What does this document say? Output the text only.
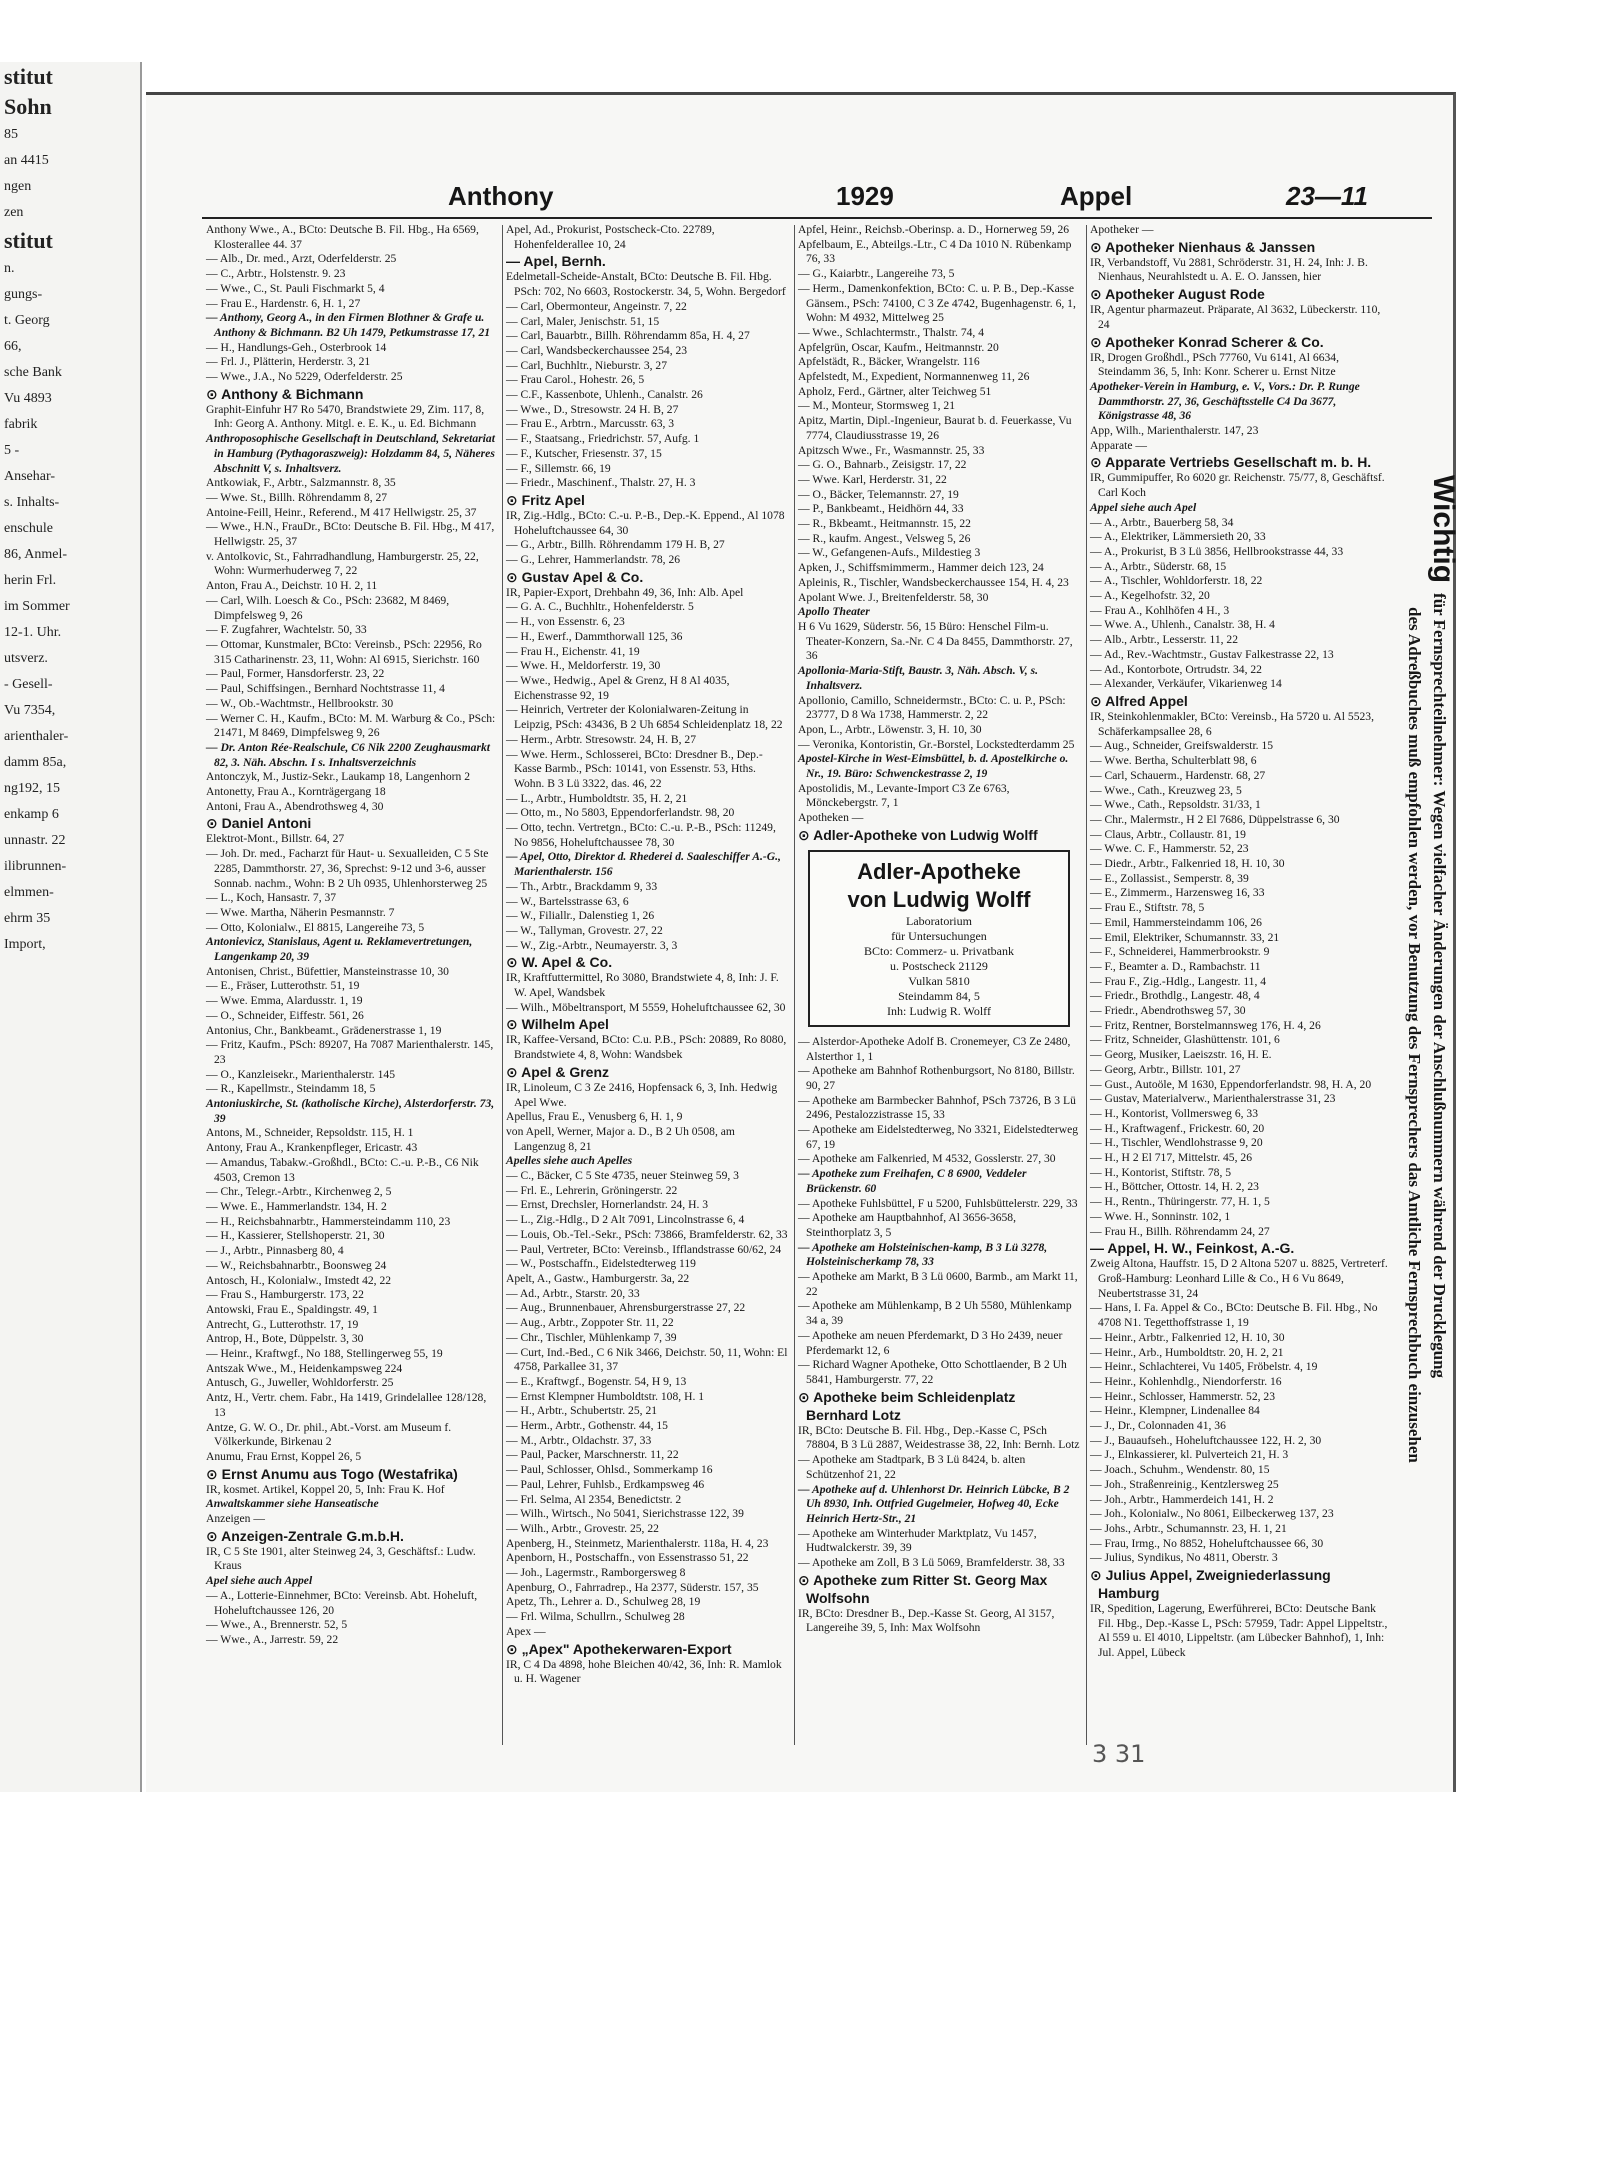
stitut
Sohn
85
an 4415
ngen
zen
stitut
n.
gungs-
t. Georg
66,
sche Bank
Vu 4893
fabrik
5 -
Ansehar-
s. Inhalts-
enschule
86, Anmel-
herin Frl.
im Sommer
12-1. Uhr.
utsverz.
- Gesell-
Vu 7354,
arienthaler-
damm 85a,
ng192, 15
enkamp 6
unnastr. 22
ilibrunnen-
elmmen-
ehrm 35
Import,
Anthony	1929	Appel	23—11
Anthony Wwe., A., BCto: Deutsche B. Fil. Hbg., Ha 6569, Klosterallee 44. 37
— Alb., Dr. med., Arzt, Oderfelderstr. 25
— C., Arbtr., Holstenstr. 9. 23
— Wwe., C., St. Pauli Fischmarkt 5, 4
— Frau E., Hardenstr. 6, H. 1, 27
— Anthony, Georg A., in den Firmen Blothner & Grafe u. Anthony & Bichmann. B2 Uh 1479, Petkumstrasse 17, 21
— H., Handlungs-Geh., Osterbrook 14
— Frl. J., Plätterin, Herderstr. 3, 21
— Wwe., J.A., No 5229, Oderfelderstr. 25
⊙ Anthony & Bichmann
Graphit-Einfuhr H7 Ro 5470, Brandstwiete 29, Zim. 117, 8, Inh: Georg A. Anthony. Mitgl. e. E. K., u. Ed. Bichmann
Anthroposophische Gesellschaft in Deutschland, Sekretariat in Hamburg (Pythagoraszweig): Holzdamm 84, 5, Näheres Abschnitt V, s. Inhaltsverz.
Antkowiak, F., Arbtr., Salzmannstr. 8, 35
— Wwe. St., Billh. Röhrendamm 8, 27
Antoine-Feill, Heinr., Referend., M 417 Hellwigstr. 25, 37
— Wwe., H.N., FrauDr., BCto: Deutsche B. Fil. Hbg., M 417, Hellwigstr. 25, 37
v. Antolkovic, St., Fahrradhandlung, Hamburgerstr. 25, 22, Wohn: Wurmerhuderweg 7, 22
Anton, Frau A., Deichstr. 10 H. 2, 11
— Carl, Wilh. Loesch & Co., PSch: 23682, M 8469, Dimpfelsweg 9, 26
— F. Zugfahrer, Wachtelstr. 50, 33
— Ottomar, Kunstmaler, BCto: Vereinsb., PSch: 22956, Ro 315 Catharinenstr. 23, 11, Wohn: Al 6915, Sierichstr. 160
— Paul, Former, Hansdorferstr. 23, 22
— Paul, Schiffsingen., Bernhard Nochtstrasse 11, 4
— W., Ob.-Wachtmstr., Hellbrookstr. 30
— Werner C. H., Kaufm., BCto: M. M. Warburg & Co., PSch: 21471, M 8469, Dimpfelsweg 9, 26
— Dr. Anton Rée-Realschule, C6 Nik 2200 Zeughausmarkt 82, 3. Näh. Abschn. I s. Inhaltsverzeichnis
Antonczyk, M., Justiz-Sekr., Laukamp 18, Langenhorn 2
Antonetty, Frau A., Kornträgergang 18
Antoni, Frau A., Abendrothsweg 4, 30
⊙ Daniel Antoni
Elektrot-Mont., Billstr. 64, 27
— Joh. Dr. med., Facharzt für Haut- u. Sexualleiden, C 5 Ste 2285, Dammthorstr. 27, 36, Sprechst: 9-12 und 3-6, ausser Sonnab. nachm., Wohn: B 2 Uh 0935, Uhlenhorsterweg 25
— L., Koch, Hansastr. 7, 37
— Wwe. Martha, Näherin Pesmannstr. 7
— Otto, Kolonialw., El 8815, Langereihe 73, 5
Antonievicz, Stanislaus, Agent u. Reklamevertretungen, Langenkamp 20, 39
Antonisen, Christ., Büfettier, Mansteinstrasse 10, 30
— E., Fräser, Lutterothstr. 51, 19
— Wwe. Emma, Alardusstr. 1, 19
— O., Schneider, Eiffestr. 561, 26
Antonius, Chr., Bankbeamt., Grädenerstrasse 1, 19
— Fritz, Kaufm., PSch: 89207, Ha 7087 Marienthalerstr. 145, 23
— O., Kanzleisekr., Marienthalerstr. 145
— R., Kapellmstr., Steindamm 18, 5
Antoniuskirche, St. (katholische Kirche), Alsterdorferstr. 73, 39
Antons, M., Schneider, Repsoldstr. 115, H. 1
Antony, Frau A., Krankenpfleger, Ericastr. 43
— Amandus, Tabakw.-Großhdl., BCto: C.-u. P.-B., C6 Nik 4503, Cremon 13
— Chr., Telegr.-Arbtr., Kirchenweg 2, 5
— Wwe. E., Hammerlandstr. 134, H. 2
— H., Reichsbahnarbtr., Hammersteindamm 110, 23
— H., Kassierer, Stellshoperstr. 21, 30
— J., Arbtr., Pinnasberg 80, 4
— W., Reichsbahnarbtr., Boonsweg 24
Antosch, H., Kolonialw., Imstedt 42, 22
— Frau S., Hamburgerstr. 173, 22
Antowski, Frau E., Spaldingstr. 49, 1
Antrecht, G., Lutterothstr. 17, 19
Antrop, H., Bote, Düppelstr. 3, 30
— Heinr., Kraftwgf., No 188, Stellingerweg 55, 19
Antszak Wwe., M., Heidenkampsweg 224
Antusch, G., Juweller, Wohldorferstr. 25
Antz, H., Vertr. chem. Fabr., Ha 1419, Grindelallee 128/128, 13
Antze, G. W. O., Dr. phil., Abt.-Vorst. am Museum f. Völkerkunde, Birkenau 2
Anumu, Frau Ernst, Koppel 26, 5
⊙ Ernst Anumu aus Togo (Westafrika)
IR, kosmet. Artikel, Koppel 20, 5, Inh: Frau K. Hof
Anwaltskammer siehe Hanseatische
Anzeigen —
⊙ Anzeigen-Zentrale G.m.b.H.
IR, C 5 Ste 1901, alter Steinweg 24, 3, Geschäftsf.: Ludw. Kraus
Apel siehe auch Appel
— A., Lotterie-Einnehmer, BCto: Vereinsb. Abt. Hoheluft, Hoheluftchaussee 126, 20
— Wwe., A., Brennerstr. 52, 5
— Wwe., A., Jarrestr. 59, 22
Apel, Ad., Prokurist, Postscheck-Cto. 22789, Hohenfelderallee 10, 24
— Apel, Bernh.
Edelmetall-Scheide-Anstalt, BCto: Deutsche B. Fil. Hbg. PSch: 702, No 6603, Rostockerstr. 34, 5, Wohn. Bergedorf
— Carl, Obermonteur, Angeinstr. 7, 22
— Carl, Maler, Jenischstr. 51, 15
— Carl, Bauarbtr., Billh. Röhrendamm 85a, H. 4, 27
— Carl, Wandsbeckerchaussee 254, 23
— Carl, Buchhltr., Nieburstr. 3, 27
— Frau Carol., Hohestr. 26, 5
— C.F., Kassenbote, Uhlenh., Canalstr. 26
— Wwe., D., Stresowstr. 24 H. B, 27
— Frau E., Arbtrn., Marcusstr. 63, 3
— F., Staatsang., Friedrichstr. 57, Aufg. 1
— F., Kutscher, Friesenstr. 37, 15
— F., Sillemstr. 66, 19
— Friedr., Maschinenf., Thalstr. 27, H. 3
⊙ Fritz Apel
IR, Zig.-Hdlg., BCto: C.-u. P.-B., Dep.-K. Eppend., Al 1078 Hoheluftchaussee 64, 30
— G., Arbtr., Billh. Röhrendamm 179 H. B, 27
— G., Lehrer, Hammerlandstr. 78, 26
⊙ Gustav Apel & Co.
IR, Papier-Export, Drehbahn 49, 36, Inh: Alb. Apel
— G. A. C., Buchhltr., Hohenfelderstr. 5
— H., von Essenstr. 6, 23
— H., Ewerf., Dammthorwall 125, 36
— Frau H., Eichenstr. 41, 19
— Wwe. H., Meldorferstr. 19, 30
— Wwe., Hedwig., Apel & Grenz, H 8 Al 4035, Eichenstrasse 92, 19
— Heinrich, Vertreter der Kolonialwaren-Zeitung in Leipzig, PSch: 43436, B 2 Uh 6854 Schleidenplatz 18, 22
— Herm., Arbtr. Stresowstr. 24, H. B, 27
— Wwe. Herm., Schlosserei, BCto: Dresdner B., Dep.-Kasse Barmb., PSch: 10141, von Essenstr. 53, Hths. Wohn. B 3 Lü 3322, das. 46, 22
— L., Arbtr., Humboldtstr. 35, H. 2, 21
— Otto, m., No 5803, Eppendorferlandstr. 98, 20
— Otto, techn. Vertretgn., BCto: C.-u. P.-B., PSch: 11249, No 9856, Hoheluftchaussee 78, 30
— Apel, Otto, Direktor d. Rhederei d. Saaleschiffer A.-G., Marienthalerstr. 156
— Th., Arbtr., Brackdamm 9, 33
— W., Bartelsstrasse 63, 6
— W., Filiallr., Dalenstieg 1, 26
— W., Tallyman, Grovestr. 27, 22
— W., Zig.-Arbtr., Neumayerstr. 3, 3
⊙ W. Apel & Co.
IR, Kraftfuttermittel, Ro 3080, Brandstwiete 4, 8, Inh: J. F. W. Apel, Wandsbek
— Wilh., Möbeltransport, M 5559, Hoheluftchaussee 62, 30
⊙ Wilhelm Apel
IR, Kaffee-Versand, BCto: C.u. P.B., PSch: 20889, Ro 8080, Brandstwiete 4, 8, Wohn: Wandsbek
⊙ Apel & Grenz
IR, Linoleum, C 3 Ze 2416, Hopfensack 6, 3, Inh. Hedwig Apel Wwe.
Apellus, Frau E., Venusberg 6, H. 1, 9
von Apell, Werner, Major a. D., B 2 Uh 0508, am Langenzug 8, 21
Apelles siehe auch Apelles
— C., Bäcker, C 5 Ste 4735, neuer Steinweg 59, 3
— Frl. E., Lehrerin, Gröningerstr. 22
— Ernst, Drechsler, Hornerlandstr. 24, H. 3
— L., Zig.-Hdlg., D 2 Alt 7091, Lincolnstrasse 6, 4
— Louis, Ob.-Tel.-Sekr., PSch: 73866, Bramfelderstr. 62, 33
— Paul, Vertreter, BCto: Vereinsb., Ifflandstrasse 60/62, 24
— W., Postschaffn., Eidelstedterweg 119
Apelt, A., Gastw., Hamburgerstr. 3a, 22
— Ad., Arbtr., Starstr. 20, 33
— Aug., Brunnenbauer, Ahrensburgerstrasse 27, 22
— Aug., Arbtr., Zoppoter Str. 11, 22
— Chr., Tischler, Mühlenkamp 7, 39
— Curt, Ind.-Bed., C 6 Nik 3466, Deichstr. 50, 11, Wohn: El 4758, Parkallee 31, 37
— E., Kraftwgf., Bogenstr. 54, H 9, 13
— Ernst Klempner Humboldtstr. 108, H. 1
— H., Arbtr., Schubertstr. 25, 21
— Herm., Arbtr., Gothenstr. 44, 15
— M., Arbtr., Oldachstr. 37, 33
— Paul, Packer, Marschnerstr. 11, 22
— Paul, Schlosser, Ohlsd., Sommerkamp 16
— Paul, Lehrer, Fuhlsb., Erdkampsweg 46
— Frl. Selma, Al 2354, Benedictstr. 2
— Wilh., Wirtsch., No 5041, Sierichstrasse 122, 39
— Wilh., Arbtr., Grovestr. 25, 22
Apenberg, H., Steinmetz, Marienthalerstr. 118a, H. 4, 23
Apenborn, H., Postschaffn., von Essenstrasso 51, 22
— Joh., Lagermstr., Ramborgersweg 8
Apenburg, O., Fahrradrep., Ha 2377, Süderstr. 157, 35
Apetz, Th., Lehrer a. D., Schulweg 28, 19
— Frl. Wilma, Schullrn., Schulweg 28
Apex —
⊙ „Apex" Apothekerwaren-Export
IR, C 4 Da 4898, hohe Bleichen 40/42, 36, Inh: R. Mamlok u. H. Wagener
Apfel, Heinr., Reichsb.-Oberinsp. a. D., Hornerweg 59, 26
Apfelbaum, E., Abteilgs.-Ltr., C 4 Da 1010 N. Rübenkamp 76, 33
— G., Kaiarbtr., Langereihe 73, 5
— Herm., Damenkonfektion, BCto: C. u. P. B., Dep.-Kasse Gänsem., PSch: 74100, C 3 Ze 4742, Bugenhagenstr. 6, 1, Wohn: M 4932, Mittelweg 25
— Wwe., Schlachtermstr., Thalstr. 74, 4
Apfelgrün, Oscar, Kaufm., Heitmannstr. 20
Apfelstädt, R., Bäcker, Wrangelstr. 116
Apfelstedt, M., Expedient, Normannenweg 11, 26
Apholz, Ferd., Gärtner, alter Teichweg 51
— M., Monteur, Stormsweg 1, 21
Apitz, Martin, Dipl.-Ingenieur, Baurat b. d. Feuerkasse, Vu 7774, Claudiusstrasse 19, 26
Apitzsch Wwe., Fr., Wasmannstr. 25, 33
— G. O., Bahnarb., Zeisigstr. 17, 22
— Wwe. Karl, Herderstr. 31, 22
— O., Bäcker, Telemannstr. 27, 19
— P., Bankbeamt., Heidhörn 44, 33
— R., Bkbeamt., Heitmannstr. 15, 22
— R., kaufm. Angest., Velsweg 5, 26
— W., Gefangenen-Aufs., Mildestieg 3
Apken, J., Schiffsmimmerm., Hammer deich 123, 24
Apleinis, R., Tischler, Wandsbeckerchaussee 154, H. 4, 23
Apolant Wwe. J., Breitenfelderstr. 58, 30
Apollo Theater
H 6 Vu 1629, Süderstr. 56, 15 Büro: Henschel Film-u. Theater-Konzern, Sa.-Nr. C 4 Da 8455, Dammthorstr. 27, 36
Apollonia-Maria-Stift, Baustr. 3, Näh. Absch. V, s. Inhaltsverz.
Apollonio, Camillo, Schneidermstr., BCto: C. u. P., PSch: 23777, D 8 Wa 1738, Hammerstr. 2, 22
Apon, L., Arbtr., Löwenstr. 3, H. 10, 30
— Veronika, Kontoristin, Gr.-Borstel, Lockstedterdamm 25
Apostel-Kirche in West-Eimsbüttel, b. d. Apostelkirche o. Nr., 19. Büro: Schwenckestrasse 2, 19
Apostolidis, M., Levante-Import C3 Ze 6763, Mönckebergstr. 7, 1
Apotheken —
⊙ Adler-Apotheke von Ludwig Wolff
Adler-Apotheke
von Ludwig Wolff
Laboratorium
für Untersuchungen
BCto: Commerz- u. Privatbank
u. Postscheck 21129
Vulkan 5810
Steindamm 84, 5
Inh: Ludwig R. Wolff
— Alsterdor-Apotheke Adolf B. Cronemeyer, C3 Ze 2480, Alsterthor 1, 1
— Apotheke am Bahnhof Rothenburgsort, No 8180, Billstr. 90, 27
— Apotheke am Barmbecker Bahnhof, PSch 73726, B 3 Lü 2496, Pestalozzistrasse 15, 33
— Apotheke am Eidelstedterweg, No 3321, Eidelstedterweg 67, 19
— Apotheke am Falkenried, M 4532, Gosslerstr. 27, 30
— Apotheke zum Freihafen, C 8 6900, Veddeler Brückenstr. 60
— Apotheke Fuhlsbüttel, F u 5200, Fuhlsbüttelerstr. 229, 33
— Apotheke am Hauptbahnhof, Al 3656-3658, Steinthorplatz 3, 5
— Apotheke am Holsteinischen-kamp, B 3 Lü 3278, Holsteinischerkamp 78, 33
— Apotheke am Markt, B 3 Lü 0600, Barmb., am Markt 11, 22
— Apotheke am Mühlenkamp, B 2 Uh 5580, Mühlenkamp 34 a, 39
— Apotheke am neuen Pferdemarkt, D 3 Ho 2439, neuer Pferdemarkt 12, 6
— Richard Wagner Apotheke, Otto Schottlaender, B 2 Uh 5841, Hamburgerstr. 77, 22
⊙ Apotheke beim Schleidenplatz Bernhard Lotz
IR, BCto: Deutsche B. Fil. Hbg., Dep.-Kasse C, PSch 78804, B 3 Lü 2887, Weidestrasse 38, 22, Inh: Bernh. Lotz
— Apotheke am Stadtpark, B 3 Lü 8424, b. alten Schützenhof 21, 22
— Apotheke auf d. Uhlenhorst Dr. Heinrich Lübcke, B 2 Uh 8930, Inh. Ottfried Gugelmeier, Hofweg 40, Ecke Heinrich Hertz-Str., 21
— Apotheke am Winterhuder Marktplatz, Vu 1457, Hudtwalckerstr. 39, 39
— Apotheke am Zoll, B 3 Lü 5069, Bramfelderstr. 38, 33
⊙ Apotheke zum Ritter St. Georg Max Wolfsohn
IR, BCto: Dresdner B., Dep.-Kasse St. Georg, Al 3157, Langereihe 39, 5, Inh: Max Wolfsohn
Apotheker —
⊙ Apotheker Nienhaus & Janssen
IR, Verbandstoff, Vu 2881, Schröderstr. 31, H. 24, Inh: J. B. Nienhaus, Neurahlstedt u. A. E. O. Janssen, hier
⊙ Apotheker August Rode
IR, Agentur pharmazeut. Präparate, Al 3632, Lübeckerstr. 110, 24
⊙ Apotheker Konrad Scherer & Co.
IR, Drogen Großhdl., PSch 77760, Vu 6141, Al 6634, Steindamm 36, 5, Inh: Konr. Scherer u. Ernst Nitze
Apotheker-Verein in Hamburg, e. V., Vors.: Dr. P. Runge Dammthorstr. 27, 36, Geschäftsstelle C4 Da 3677, Königstrasse 48, 36
App, Wilh., Marienthalerstr. 147, 23
Apparate —
⊙ Apparate Vertriebs Gesellschaft m. b. H.
IR, Gummipuffer, Ro 6020 gr. Reichenstr. 75/77, 8, Geschäftsf. Carl Koch
Appel siehe auch Apel
— A., Arbtr., Bauerberg 58, 34
— A., Elektriker, Lämmersieth 20, 33
— A., Prokurist, B 3 Lü 3856, Hellbrookstrasse 44, 33
— A., Arbtr., Süderstr. 68, 15
— A., Tischler, Wohldorferstr. 18, 22
— A., Kegelhofstr. 32, 20
— Frau A., Kohlhöfen 4 H., 3
— Wwe. A., Uhlenh., Canalstr. 38, H. 4
— Alb., Arbtr., Lesserstr. 11, 22
— Ad., Rev.-Wachtmstr., Gustav Falkestrasse 22, 13
— Ad., Kontorbote, Ortrudstr. 34, 22
— Alexander, Verkäufer, Vikarienweg 14
⊙ Alfred Appel
IR, Steinkohlenmakler, BCto: Vereinsb., Ha 5720 u. Al 5523, Schäferkampsallee 28, 6
— Aug., Schneider, Greifswalderstr. 15
— Wwe. Bertha, Schulterblatt 98, 6
— Carl, Schauerm., Hardenstr. 68, 27
— Wwe., Cath., Kreuzweg 23, 5
— Wwe., Cath., Repsoldstr. 31/33, 1
— Chr., Malermstr., H 2 El 7686, Düppelstrasse 6, 30
— Claus, Arbtr., Collaustr. 81, 19
— Wwe. C. F., Hammerstr. 52, 23
— Diedr., Arbtr., Falkenried 18, H. 10, 30
— E., Zollassist., Semperstr. 8, 39
— E., Zimmerm., Harzensweg 16, 33
— Frau E., Stiftstr. 78, 5
— Emil, Hammersteindamm 106, 26
— Emil, Elektriker, Schumannstr. 33, 21
— F., Schneiderei, Hammerbrookstr. 9
— F., Beamter a. D., Rambachstr. 11
— Frau F., Zig.-Hdlg., Langestr. 11, 4
— Friedr., Brothdlg., Langestr. 48, 4
— Friedr., Abendrothsweg 57, 30
— Fritz, Rentner, Borstelmannsweg 176, H. 4, 26
— Fritz, Schneider, Glashüttenstr. 101, 6
— Georg, Musiker, Laeiszstr. 16, H. E.
— Georg, Arbtr., Billstr. 101, 27
— Gust., Autoöle, M 1630, Eppendorferlandstr. 98, H. A, 20
— Gustav, Materialverw., Marienthalerstrasse 31, 23
— H., Kontorist, Vollmersweg 6, 33
— H., Kraftwagenf., Frickestr. 60, 20
— H., Tischler, Wendlohstrasse 9, 20
— H., H 2 El 717, Mittelstr. 45, 26
— H., Kontorist, Stiftstr. 78, 5
— H., Böttcher, Ottostr. 14, H. 2, 23
— H., Rentn., Thüringerstr. 77, H. 1, 5
— Wwe. H., Sonninstr. 102, 1
— Frau H., Billh. Röhrendamm 24, 27
— Appel, H. W., Feinkost, A.-G.
Zweig Altona, Hauffstr. 15, D 2 Altona 5207 u. 8825, Vertreterf. Groß-Hamburg: Leonhard Lille & Co., H 6 Vu 8649, Neubertstrasse 31, 24
— Hans, I. Fa. Appel & Co., BCto: Deutsche B. Fil. Hbg., No 4708 N1. Tegetthoffstrasse 1, 19
— Heinr., Arbtr., Falkenried 12, H. 10, 30
— Heinr., Arb., Humboldtstr. 20, H. 2, 21
— Heinr., Schlachterei, Vu 1405, Fröbelstr. 4, 19
— Heinr., Kohlenhdlg., Niendorferstr. 16
— Heinr., Schlosser, Hammerstr. 52, 23
— Heinr., Klempner, Lindenallee 84
— J., Dr., Colonnaden 41, 36
— J., Bauaufseh., Hoheluftchaussee 122, H. 2, 30
— J., Elnkassierer, kl. Pulverteich 21, H. 3
— Joach., Schuhm., Wendenstr. 80, 15
— Joh., Straßenreinig., Kentzlersweg 25
— Joh., Arbtr., Hammerdeich 141, H. 2
— Joh., Kolonialw., No 8061, Eilbeckerweg 137, 23
— Johs., Arbtr., Schumannstr. 23, H. 1, 21
— Frau, Irmg., No 8852, Hoheluftchaussee 66, 30
— Julius, Syndikus, No 4811, Oberstr. 3
⊙ Julius Appel, Zweigniederlassung Hamburg
IR, Spedition, Lagerung, Ewerführerei, BCto: Deutsche Bank Fil. Hbg., Dep.-Kasse L, PSch: 57959, Tadr: Appel Lippeltstr., Al 559 u. El 4010, Lippeltstr. (am Lübecker Bahnhof), 1, Inh: Jul. Appel, Lübeck
Wichtigfür Fernsprechteilnehmer: Wegen vielfacher Änderungen der Anschlußnummern während der Drucklegung
des Adreßbuches muß empfohlen werden, vor Benutzung des Fernsprechers das Amtliche Fernsprechbuch einzusehen
3 31
